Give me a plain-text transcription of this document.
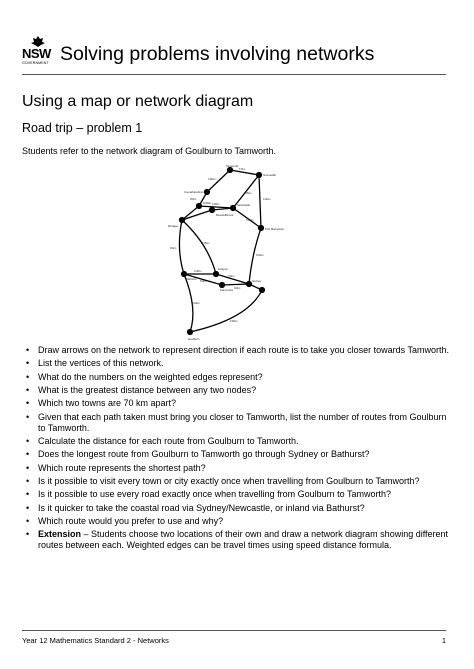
NSW
GOVERNMENT Solving problems involving networks
Using a map or network diagram
Road trip – problem 1
Students refer to the network diagram of Goulburn to Tamworth.
Tamworth
Gunnedah
Coonabarabran
Dubbo
Mudgee
Muswellbrook
Newcastle
Port Macquarie
Bathurst
Lithgow
Sydney
Katoomba
Goulburn
67km
136km
124km
105km
95km
130km
155km
90km
125km
152km
118km
70km
60km
160km
94km
196km
• Draw arrows on the network to represent direction if each route is to take you closer towards Tamworth.
• List the vertices of this network.
• What do the numbers on the weighted edges represent?
• What is the greatest distance between any two nodes?
• Which two towns are 70 km apart?
• Given that each path taken must bring you closer to Tamworth, list the number of routes from Goulburn to Tamworth.
• Calculate the distance for each route from Goulburn to Tamworth.
• Does the longest route from Goulburn to Tamworth go through Sydney or Bathurst?
• Which route represents the shortest path?
• Is it possible to visit every town or city exactly once when travelling from Goulburn to Tamworth?
• Is it possible to use every road exactly once when travelling from Goulburn to Tamworth?
• Is it quicker to take the coastal road via Sydney/Newcastle, or inland via Bathurst?
• Which route would you prefer to use and why?
• Extension – Students choose two locations of their own and draw a network diagram showing different routes between each. Weighted edges can be travel times using speed distance formula.
Year 12 Mathematics Standard 2 - Networks	1
